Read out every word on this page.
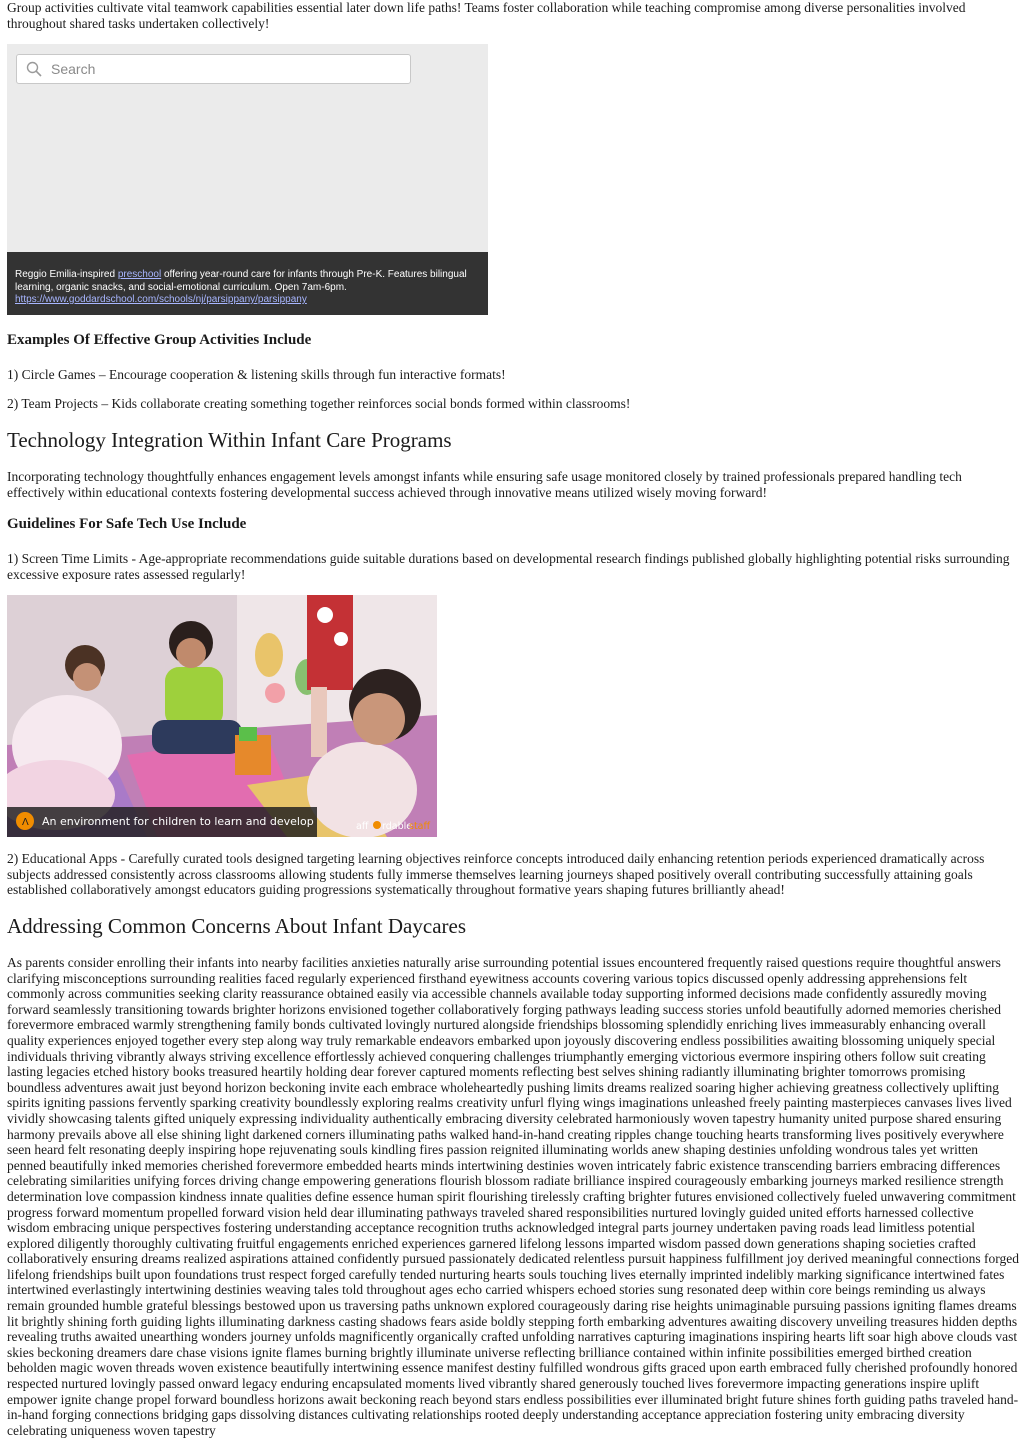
Group activities cultivate vital teamwork capabilities essential later down life paths! Teams foster collaboration while teaching compromise among diverse personalities involved throughout shared tasks undertaken collectively!

Search
Reggio Emilia-inspired preschool offering year-round care for infants through Pre-K. Features bilingual learning, organic snacks, and social-emotional curriculum. Open 7am-6pm.
https://www.goddardschool.com/schools/nj/parsippany/parsippany
Examples Of Effective Group Activities Include

1) Circle Games – Encourage cooperation & listening skills through fun interactive formats!

2) Team Projects – Kids collaborate creating something together reinforces social bonds formed within classrooms!

Technology Integration Within Infant Care Programs

Incorporating technology thoughtfully enhances engagement levels amongst infants while ensuring safe usage monitored closely by trained professionals prepared handling tech effectively within educational contexts fostering developmental success achieved through innovative means utilized wisely moving forward!

Guidelines For Safe Tech Use Include

1) Screen Time Limits - Age-appropriate recommendations guide suitable durations based on developmental research findings published globally highlighting potential risks surrounding excessive exposure rates assessed regularly!

Λ An environment for children to learn and develop	aff rdable
staff

2) Educational Apps - Carefully curated tools designed targeting learning objectives reinforce concepts introduced daily enhancing retention periods experienced dramatically across subjects addressed consistently across classrooms allowing students fully immerse themselves learning journeys shaped positively overall contributing successfully attaining goals established collaboratively amongst educators guiding progressions systematically throughout formative years shaping futures brilliantly ahead!

Addressing Common Concerns About Infant Daycares

As parents consider enrolling their infants into nearby facilities anxieties naturally arise surrounding potential issues encountered frequently raised questions require thoughtful answers clarifying misconceptions surrounding realities faced regularly experienced firsthand eyewitness accounts covering various topics discussed openly addressing apprehensions felt commonly across communities seeking clarity reassurance obtained easily via accessible channels available today supporting informed decisions made confidently assuredly moving forward seamlessly transitioning towards brighter horizons envisioned together collaboratively forging pathways leading success stories unfold beautifully adorned memories cherished forevermore embraced warmly strengthening family bonds cultivated lovingly nurtured alongside friendships blossoming splendidly enriching lives immeasurably enhancing overall quality experiences enjoyed together every step along way truly remarkable endeavors embarked upon joyously discovering endless possibilities awaiting blossoming uniquely special individuals thriving vibrantly always striving excellence effortlessly achieved conquering challenges triumphantly emerging victorious evermore inspiring others follow suit creating lasting legacies etched history books treasured heartily holding dear forever captured moments reflecting best selves shining radiantly illuminating brighter tomorrows promising boundless adventures await just beyond horizon beckoning invite each embrace wholeheartedly pushing limits dreams realized soaring higher achieving greatness collectively uplifting spirits igniting passions fervently sparking creativity boundlessly exploring realms creativity unfurl flying wings imaginations unleashed freely painting masterpieces canvases lives lived vividly showcasing talents gifted uniquely expressing individuality authentically embracing diversity celebrated harmoniously woven tapestry humanity united purpose shared ensuring harmony prevails above all else shining light darkened corners illuminating paths walked hand-in-hand creating ripples change touching hearts transforming lives positively everywhere seen heard felt resonating deeply inspiring hope rejuvenating souls kindling fires passion reignited illuminating worlds anew shaping destinies unfolding wondrous tales yet written penned beautifully inked memories cherished forevermore embedded hearts minds intertwining destinies woven intricately fabric existence transcending barriers embracing differences celebrating similarities unifying forces driving change empowering generations flourish blossom radiate brilliance inspired courageously embarking journeys marked resilience strength determination love compassion kindness innate qualities define essence human spirit flourishing tirelessly crafting brighter futures envisioned collectively fueled unwavering commitment progress forward momentum propelled forward vision held dear illuminating pathways traveled shared responsibilities nurtured lovingly guided united efforts harnessed collective wisdom embracing unique perspectives fostering understanding acceptance recognition truths acknowledged integral parts journey undertaken paving roads lead limitless potential explored diligently thoroughly cultivating fruitful engagements enriched experiences garnered lifelong lessons imparted wisdom passed down generations shaping societies crafted collaboratively ensuring dreams realized aspirations attained confidently pursued passionately dedicated relentless pursuit happiness fulfillment joy derived meaningful connections forged lifelong friendships built upon foundations trust respect forged carefully tended nurturing hearts souls touching lives eternally imprinted indelibly marking significance intertwined fates intertwined everlastingly intertwining destinies weaving tales told throughout ages echo carried whispers echoed stories sung resonated deep within core beings reminding us always remain grounded humble grateful blessings bestowed upon us traversing paths unknown explored courageously daring rise heights unimaginable pursuing passions igniting flames dreams lit brightly shining forth guiding lights illuminating darkness casting shadows fears aside boldly stepping forth embarking adventures awaiting discovery unveiling treasures hidden depths revealing truths awaited unearthing wonders journey unfolds magnificently organically crafted unfolding narratives capturing imaginations inspiring hearts lift soar high above clouds vast skies beckoning dreamers dare chase visions ignite flames burning brightly illuminate universe reflecting brilliance contained within infinite possibilities emerged birthed creation beholden magic woven threads woven existence beautifully intertwining essence manifest destiny fulfilled wondrous gifts graced upon earth embraced fully cherished profoundly honored respected nurtured lovingly passed onward legacy enduring encapsulated moments lived vibrantly shared generously touched lives forevermore impacting generations inspire uplift empower ignite change propel forward boundless horizons await beckoning reach beyond stars endless possibilities ever illuminated bright future shines forth guiding paths traveled hand-in-hand forging connections bridging gaps dissolving distances cultivating relationships rooted deeply understanding acceptance appreciation fostering unity embracing diversity celebrating uniqueness woven tapestry
